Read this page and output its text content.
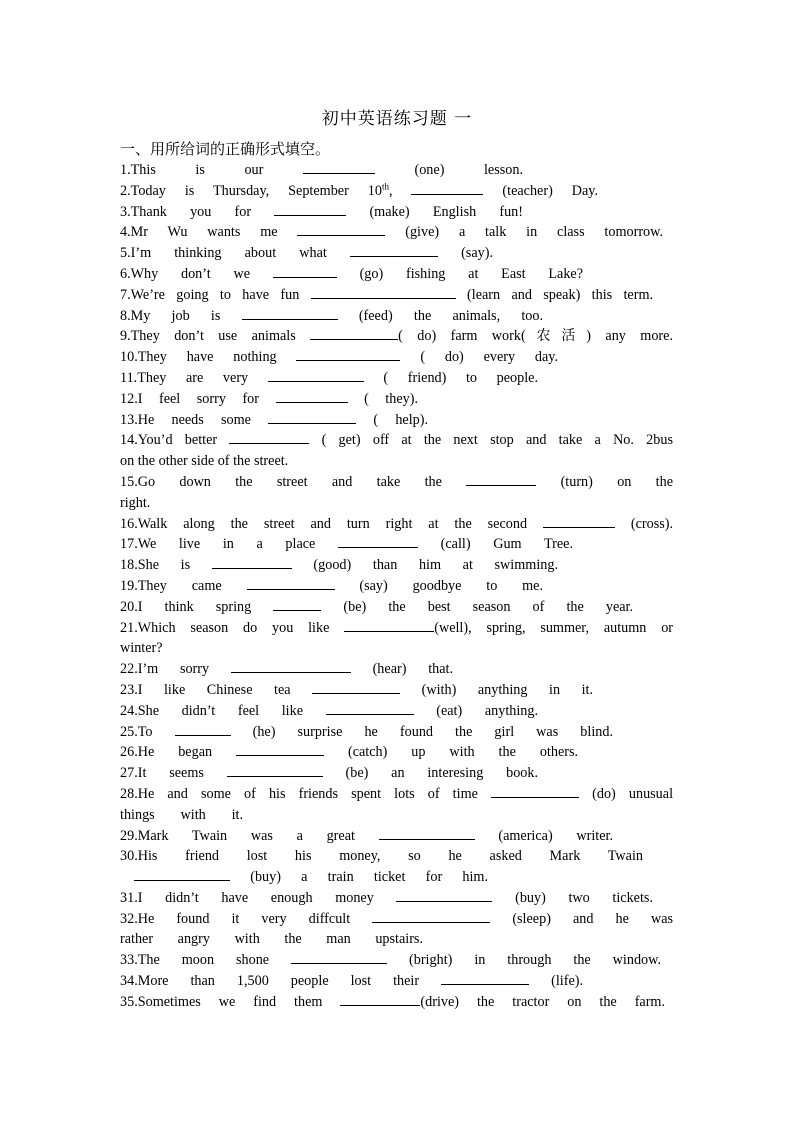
初中英语练习题 一
一、用所给词的正确形式填空。
1.This is our	(one)	lesson.
2.Today is Thursday, September 10th,	(teacher) Day.
3.Thank you for	(make) English fun!
4.Mr Wu wants me	(give) a talk in class tomorrow.
5.I’m thinking about what	(say).
6.Why don’t we	(go) fishing at East Lake?
7.We’re going to have fun	(learn and speak) this term.
8.My job is	(feed) the animals, too.
9.They don’t use animals	( do) farm work(农活) any more.
10.They have nothing	( do) every day.
11.They are very	( friend) to people.
12.I feel sorry for	( they).
13.He needs some	( help).
14.You’d better	( get) off at the next stop and take a No. 2bus
on the other side of the street.
15.Go down the street and take the	(turn) on the
right.
16.Walk along the street and turn right at the second	(cross).
17.We live in a place	(call) Gum Tree.
18.She is	(good) than him at swimming.
19.They came	(say) goodbye to me.
20.I think spring	(be) the best season of the year.
21.Which season do you like	(well), spring, summer, autumn or
winter?
22.I’m sorry	(hear) that.
23.I like Chinese tea	(with) anything in it.
24.She didn’t feel like	(eat) anything.
25.To	(he) surprise he found the girl was blind.
26.He began	(catch) up with the others.
27.It seems	(be) an interesing book.
28.He and some of his friends spent lots of time	(do) unusual
things with it.
29.Mark Twain was a great	(america) writer.
30.His friend lost his money, so he asked Mark Twain
(buy) a train ticket for him.
31.I didn’t have enough money	(buy) two tickets.
32.He found it very diffcult	(sleep) and he was
rather angry with the man upstairs.
33.The moon shone	(bright) in through the window.
34.More than 1,500 people lost their	(life).
35.Sometimes we find them	(drive) the tractor on the farm.
